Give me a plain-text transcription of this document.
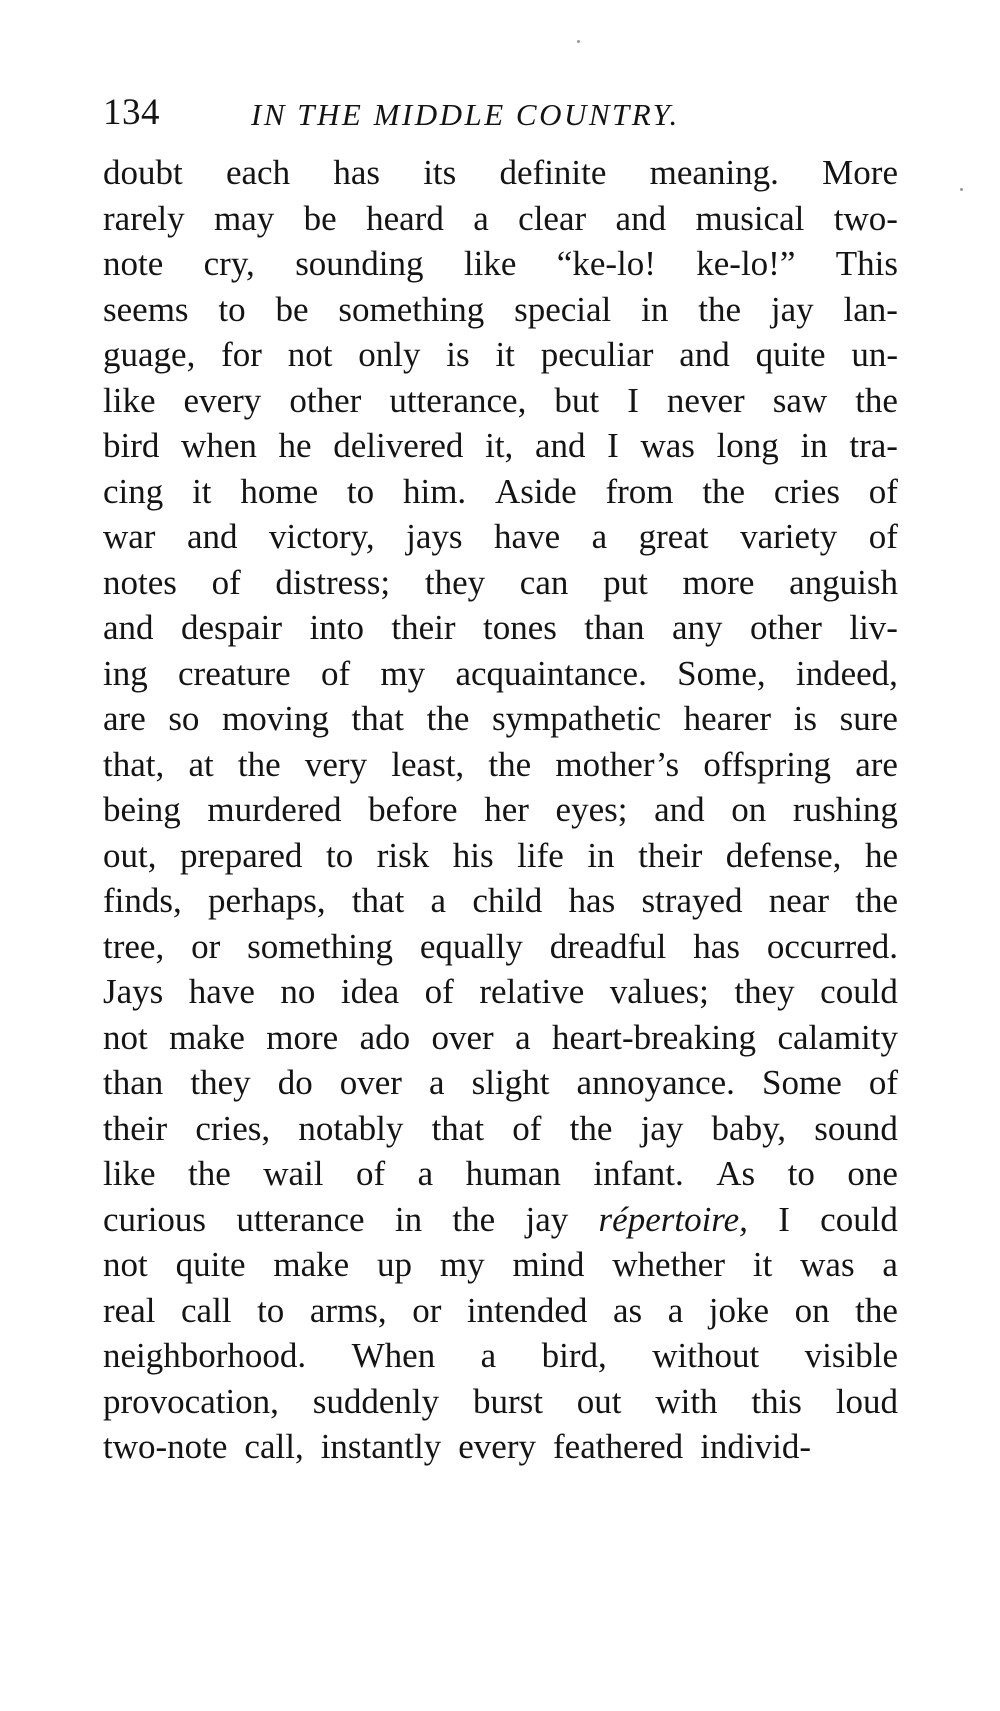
134	IN THE MIDDLE COUNTRY.
doubt each has its definite meaning. More
rarely may be heard a clear and musical two-
note cry, sounding like “ke-lo! ke-lo!” This
seems to be something special in the jay lan-
guage, for not only is it peculiar and quite un-
like every other utterance, but I never saw the
bird when he delivered it, and I was long in tra-
cing it home to him. Aside from the cries of
war and victory, jays have a great variety of
notes of distress; they can put more anguish
and despair into their tones than any other liv-
ing creature of my acquaintance. Some, indeed,
are so moving that the sympathetic hearer is sure
that, at the very least, the mother’s offspring are
being murdered before her eyes; and on rushing
out, prepared to risk his life in their defense, he
finds, perhaps, that a child has strayed near the
tree, or something equally dreadful has occurred.
Jays have no idea of relative values; they could
not make more ado over a heart-breaking calamity
than they do over a slight annoyance. Some of
their cries, notably that of the jay baby, sound
like the wail of a human infant. As to one
curious utterance in the jay répertoire, I could
not quite make up my mind whether it was a
real call to arms, or intended as a joke on the
neighborhood. When a bird, without visible
provocation, suddenly burst out with this loud
two-note call, instantly every feathered individ-
